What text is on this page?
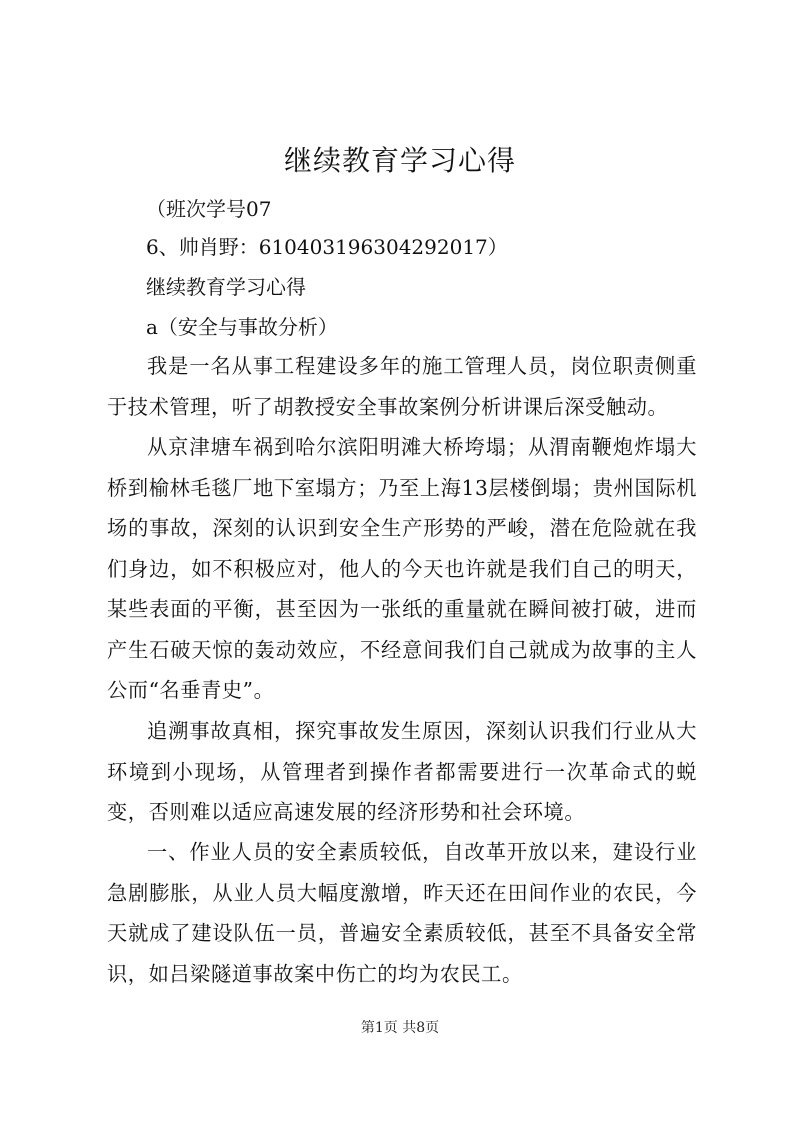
继续教育学习心得
（班次学号07
6、帅肖野：610403196304292017）
继续教育学习心得
a（安全与事故分析）

我是一名从事工程建设多年的施工管理人员，岗位职责侧重于技术管理，听了胡教授安全事故案例分析讲课后深受触动。

从京津塘车祸到哈尔滨阳明滩大桥垮塌；从渭南鞭炮炸塌大桥到榆林毛毯厂地下室塌方；乃至上海13层楼倒塌；贵州国际机场的事故，深刻的认识到安全生产形势的严峻，潜在危险就在我们身边，如不积极应对，他人的今天也许就是我们自己的明天，某些表面的平衡，甚至因为一张纸的重量就在瞬间被打破，进而产生石破天惊的轰动效应，不经意间我们自己就成为故事的主人公而“名垂青史”。

追溯事故真相，探究事故发生原因，深刻认识我们行业从大环境到小现场，从管理者到操作者都需要进行一次革命式的蜕变，否则难以适应高速发展的经济形势和社会环境。

一、作业人员的安全素质较低，自改革开放以来，建设行业急剧膨胀，从业人员大幅度激增，昨天还在田间作业的农民，今天就成了建设队伍一员，普遍安全素质较低，甚至不具备安全常识，如吕梁隧道事故案中伤亡的均为农民工。

第1页 共8页
